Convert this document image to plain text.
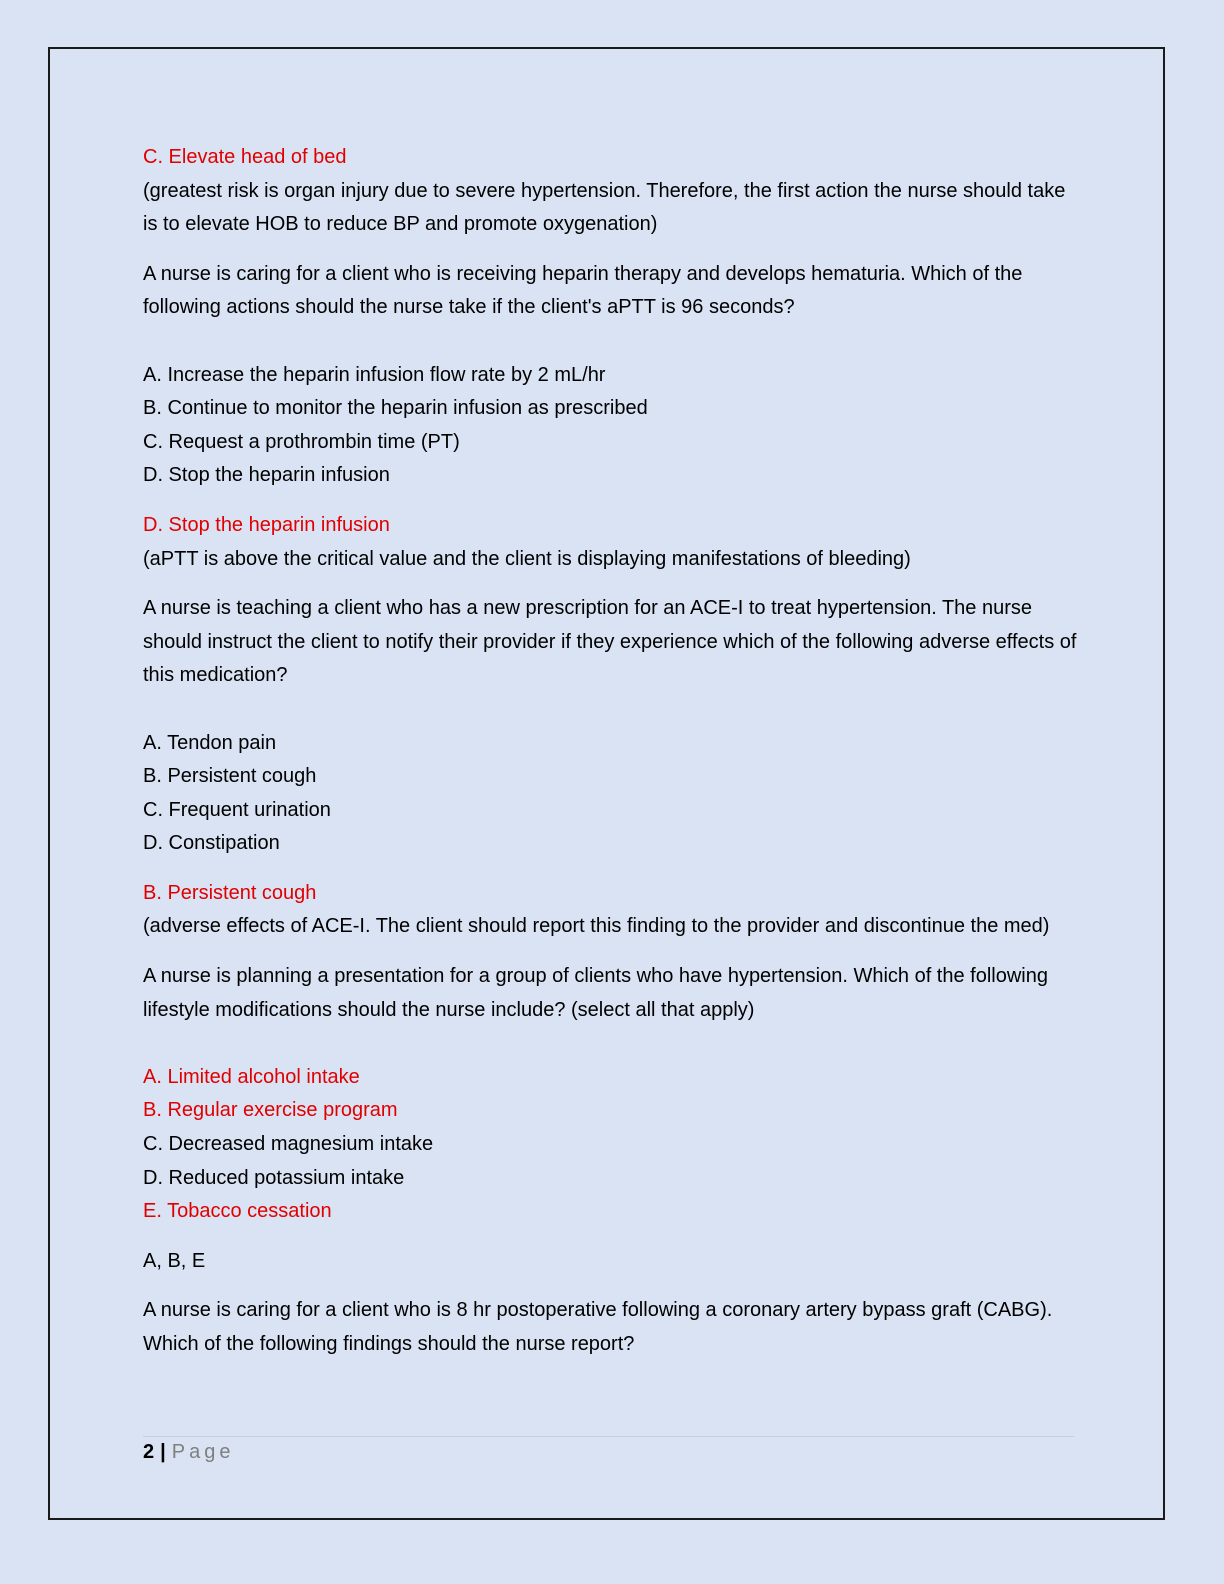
C. Elevate head of bed

(greatest risk is organ injury due to severe hypertension. Therefore, the first action the nurse should take is to elevate HOB to reduce BP and promote oxygenation)

A nurse is caring for a client who is receiving heparin therapy and develops hematuria. Which of the following actions should the nurse take if the client's aPTT is 96 seconds?

A. Increase the heparin infusion flow rate by 2 mL/hr

B. Continue to monitor the heparin infusion as prescribed

C. Request a prothrombin time (PT)

D. Stop the heparin infusion

D. Stop the heparin infusion

(aPTT is above the critical value and the client is displaying manifestations of bleeding)

A nurse is teaching a client who has a new prescription for an ACE-I to treat hypertension. The nurse should instruct the client to notify their provider if they experience which of the following adverse effects of this medication?

A. Tendon pain

B. Persistent cough

C. Frequent urination

D. Constipation

B. Persistent cough

(adverse effects of ACE-I. The client should report this finding to the provider and discontinue the med)

A nurse is planning a presentation for a group of clients who have hypertension. Which of the following lifestyle modifications should the nurse include? (select all that apply)

A. Limited alcohol intake

B. Regular exercise program

C. Decreased magnesium intake

D. Reduced potassium intake

E. Tobacco cessation

A, B, E

A nurse is caring for a client who is 8 hr postoperative following a coronary artery bypass graft (CABG). Which of the following findings should the nurse report?

2 | Page
